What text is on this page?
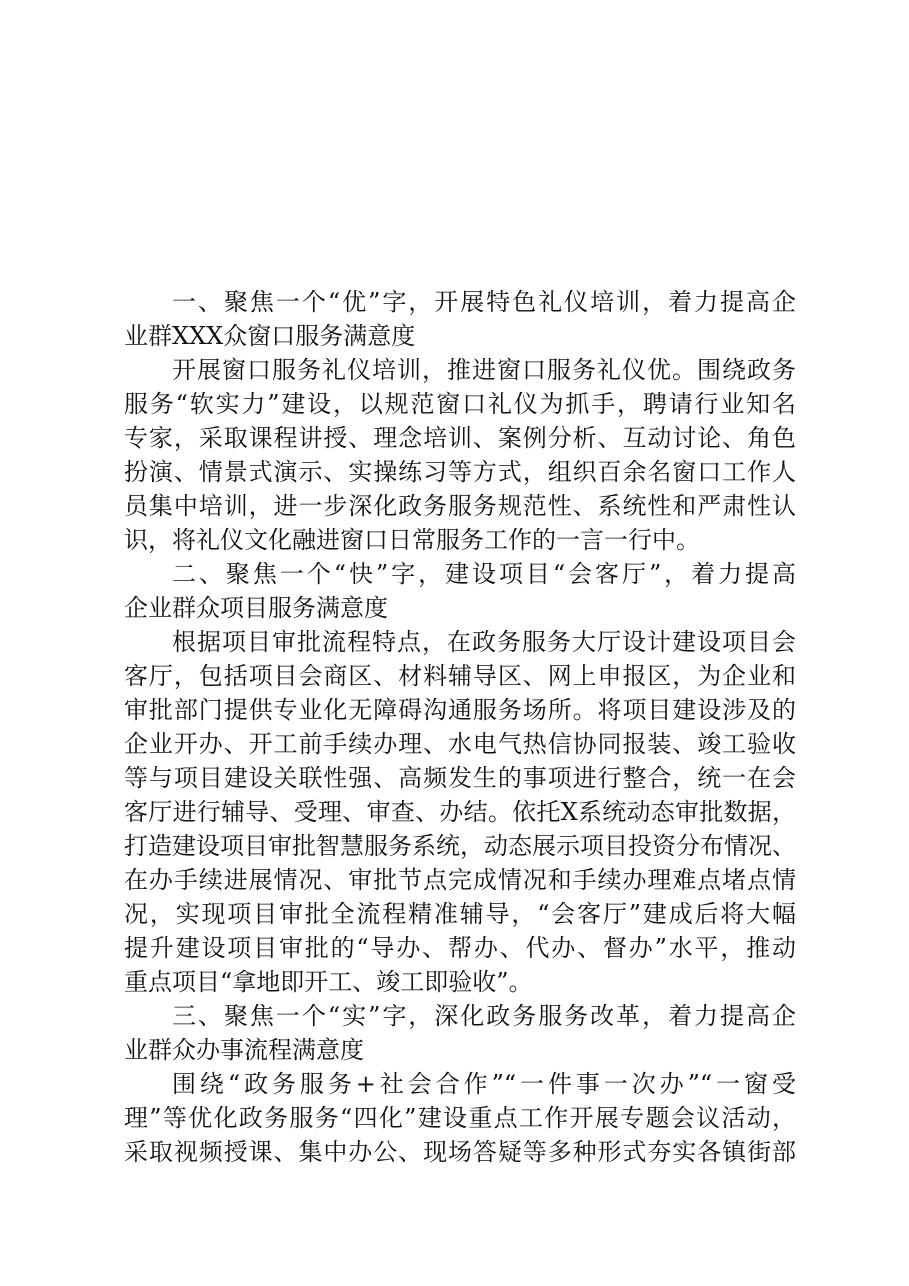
一、聚焦一个“优”字，开展特色礼仪培训，着力提高企
业群XXX众窗口服务满意度
开展窗口服务礼仪培训，推进窗口服务礼仪优。围绕政务
服务“软实力”建设，以规范窗口礼仪为抓手，聘请行业知名
专家，采取课程讲授、理念培训、案例分析、互动讨论、角色
扮演、情景式演示、实操练习等方式，组织百余名窗口工作人
员集中培训，进一步深化政务服务规范性、系统性和严肃性认
识，将礼仪文化融进窗口日常服务工作的一言一行中。
二、聚焦一个“快”字，建设项目“会客厅”，着力提高
企业群众项目服务满意度
根据项目审批流程特点，在政务服务大厅设计建设项目会
客厅，包括项目会商区、材料辅导区、网上申报区，为企业和
审批部门提供专业化无障碍沟通服务场所。将项目建设涉及的
企业开办、开工前手续办理、水电气热信协同报装、竣工验收
等与项目建设关联性强、高频发生的事项进行整合，统一在会
客厅进行辅导、受理、审查、办结。依托X系统动态审批数据，
打造建设项目审批智慧服务系统，动态展示项目投资分布情况、
在办手续进展情况、审批节点完成情况和手续办理难点堵点情
况，实现项目审批全流程精准辅导，“会客厅”建成后将大幅
提升建设项目审批的“导办、帮办、代办、督办”水平，推动
重点项目“拿地即开工、竣工即验收”。
三、聚焦一个“实”字，深化政务服务改革，着力提高企
业群众办事流程满意度
围绕“政务服务+社会合作”“一件事一次办”“一窗受
理”等优化政务服务“四化”建设重点工作开展专题会议活动，
采取视频授课、集中办公、现场答疑等多种形式夯实各镇街部
